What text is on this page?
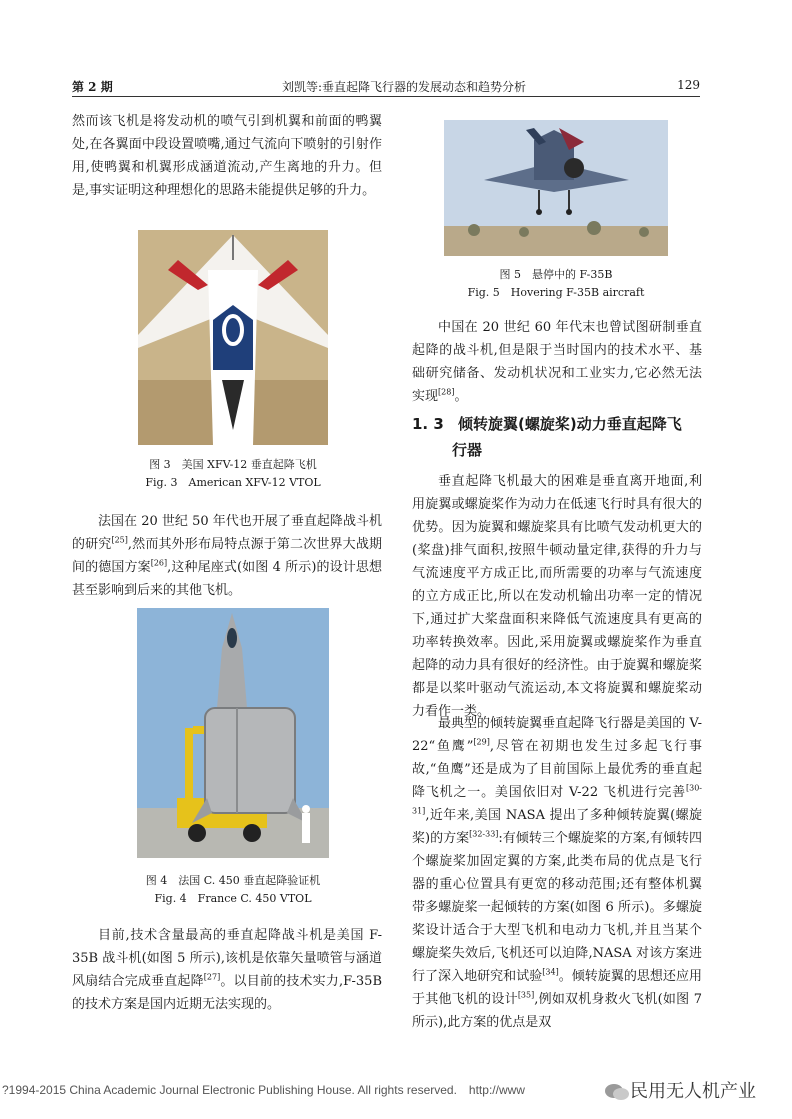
第 2 期	刘凯等:垂直起降飞行器的发展动态和趋势分析	129

然而该飞机是将发动机的喷气引到机翼和前面的鸭翼处,在各翼面中段设置喷嘴,通过气流向下喷射的引射作用,使鸭翼和机翼形成涵道流动,产生离地的升力。但是,事实证明这种理想化的思路未能提供足够的升力。

图 3　美国 XFV-12 垂直起降飞机
Fig. 3　American XFV-12 VTOL

法国在 20 世纪 50 年代也开展了垂直起降战斗机的研究[25],然而其外形布局特点源于第二次世界大战期间的德国方案[26],这种尾座式(如图 4 所示)的设计思想甚至影响到后来的其他飞机。

图 4　法国 C. 450 垂直起降验证机
Fig. 4　France C. 450 VTOL

目前,技术含量最高的垂直起降战斗机是美国 F-35B 战斗机(如图 5 所示),该机是依靠矢量喷管与涵道风扇结合完成垂直起降[27]。以目前的技术实力,F-35B 的技术方案是国内近期无法实现的。

图 5　悬停中的 F-35B
Fig. 5　Hovering F-35B aircraft

中国在 20 世纪 60 年代末也曾试图研制垂直起降的战斗机,但是限于当时国内的技术水平、基础研究储备、发动机状况和工业实力,它必然无法实现[28]。

1. 3 倾转旋翼(螺旋桨)动力垂直起降飞
行器

垂直起降飞机最大的困难是垂直离开地面,利用旋翼或螺旋桨作为动力在低速飞行时具有很大的优势。因为旋翼和螺旋桨具有比喷气发动机更大的(桨盘)排气面积,按照牛顿动量定律,获得的升力与气流速度平方成正比,而所需要的功率与气流速度的立方成正比,所以在发动机输出功率一定的情况下,通过扩大桨盘面积来降低气流速度具有更高的功率转换效率。因此,采用旋翼或螺旋桨作为垂直起降的动力具有很好的经济性。由于旋翼和螺旋桨都是以桨叶驱动气流运动,本文将旋翼和螺旋桨动力看作一类。

最典型的倾转旋翼垂直起降飞行器是美国的 V-22“鱼鹰”[29],尽管在初期也发生过多起飞行事故,“鱼鹰”还是成为了目前国际上最优秀的垂直起降飞机之一。美国依旧对 V-22 飞机进行完善[30-31],近年来,美国 NASA 提出了多种倾转旋翼(螺旋桨)的方案[32-33]:有倾转三个螺旋桨的方案,有倾转四个螺旋桨加固定翼的方案,此类布局的优点是飞行器的重心位置具有更宽的移动范围;还有整体机翼带多螺旋桨一起倾转的方案(如图 6 所示)。多螺旋桨设计适合于大型飞机和电动力飞机,并且当某个螺旋桨失效后,飞机还可以迫降,NASA 对该方案进行了深入地研究和试验[34]。倾转旋翼的思想还应用于其他飞机的设计[35],例如双机身救火飞机(如图 7 所示),此方案的优点是双

?1994-2015 China Academic Journal Electronic Publishing House. All rights reserved.　http://www	民用无人机产业
